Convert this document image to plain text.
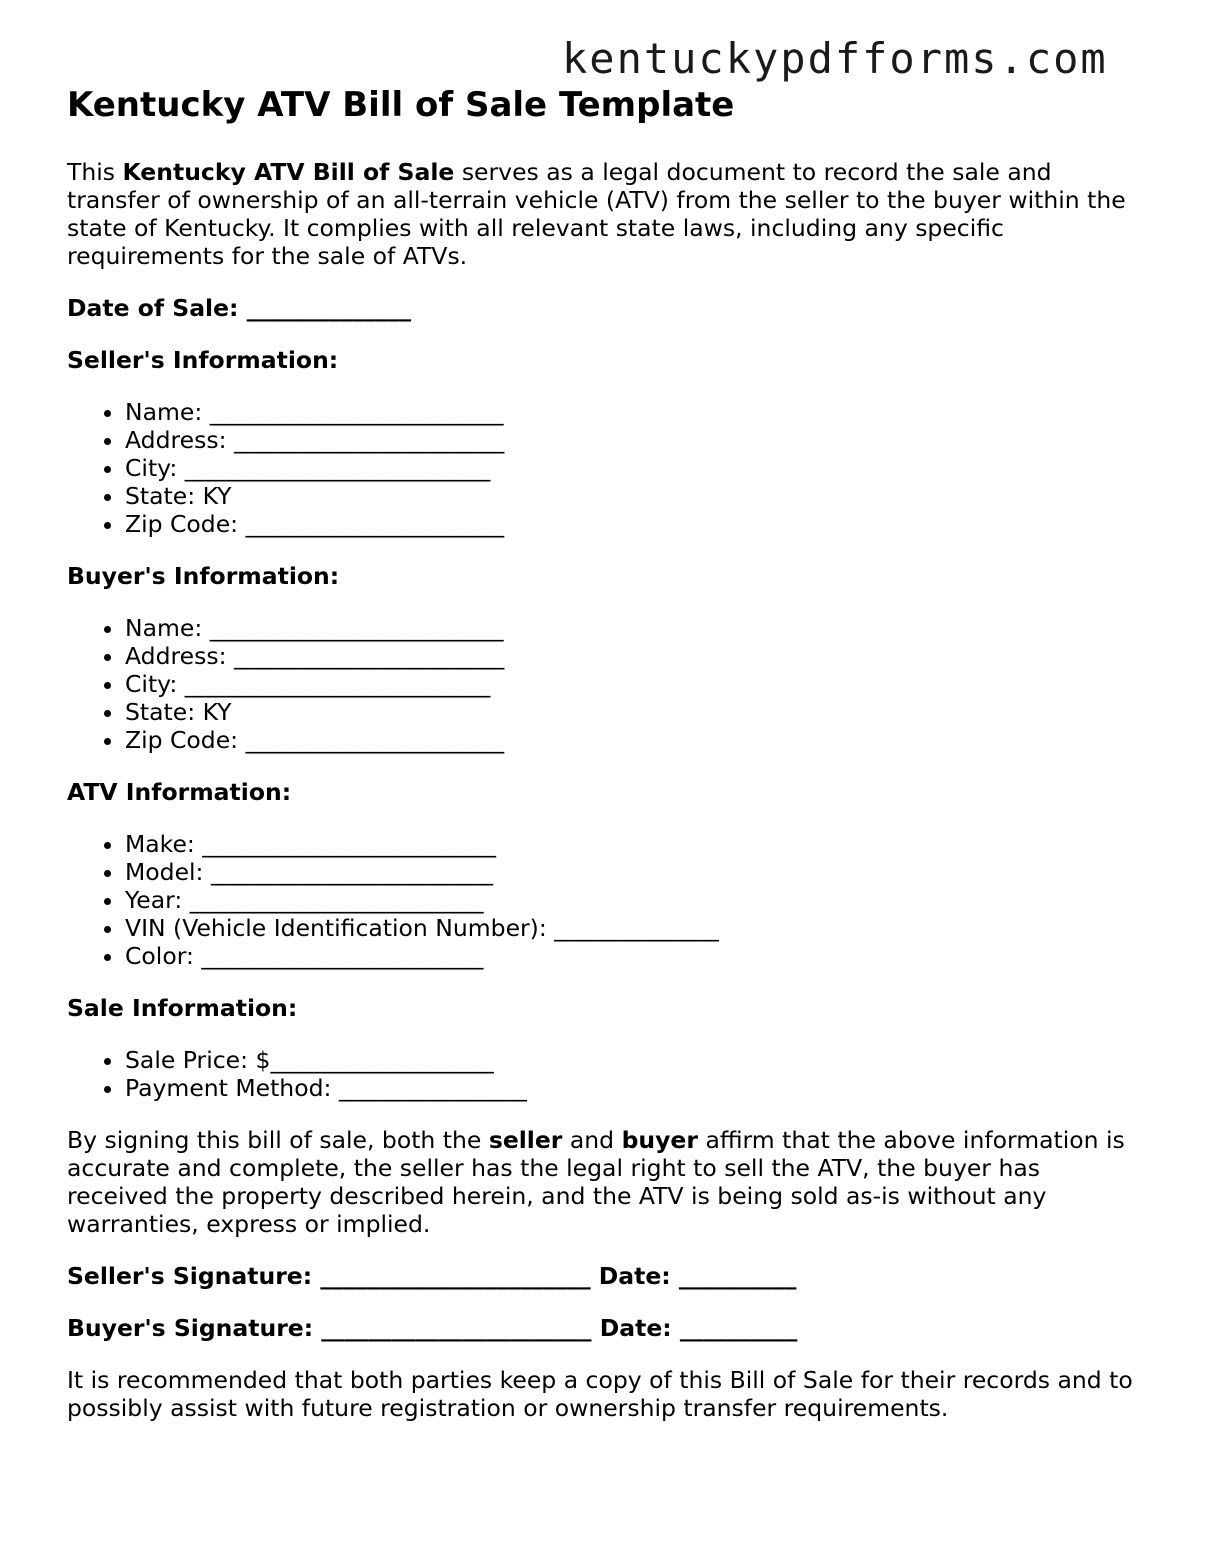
kentuckypdfforms.com
Kentucky ATV Bill of Sale Template

This Kentucky ATV Bill of Sale serves as a legal document to record the sale and transfer of ownership of an all-terrain vehicle (ATV) from the seller to the buyer within the state of Kentucky. It complies with all relevant state laws, including any specific requirements for the sale of ATVs.

Date of Sale: ______________

Seller's Information:

• Name: _________________________
• Address: _______________________
• City: __________________________
• State: KY
• Zip Code: ______________________

Buyer's Information:

• Name: _________________________
• Address: _______________________
• City: __________________________
• State: KY
• Zip Code: ______________________

ATV Information:

• Make: _________________________
• Model: ________________________
• Year: _________________________
• VIN (Vehicle Identification Number): ______________
• Color: ________________________

Sale Information:

• Sale Price: $___________________
• Payment Method: ________________

By signing this bill of sale, both the seller and buyer affirm that the above information is accurate and complete, the seller has the legal right to sell the ATV, the buyer has received the property described herein, and the ATV is being sold as-is without any warranties, express or implied.

Seller's Signature: _______________________ Date: __________

Buyer's Signature: _______________________ Date: __________

It is recommended that both parties keep a copy of this Bill of Sale for their records and to possibly assist with future registration or ownership transfer requirements.
